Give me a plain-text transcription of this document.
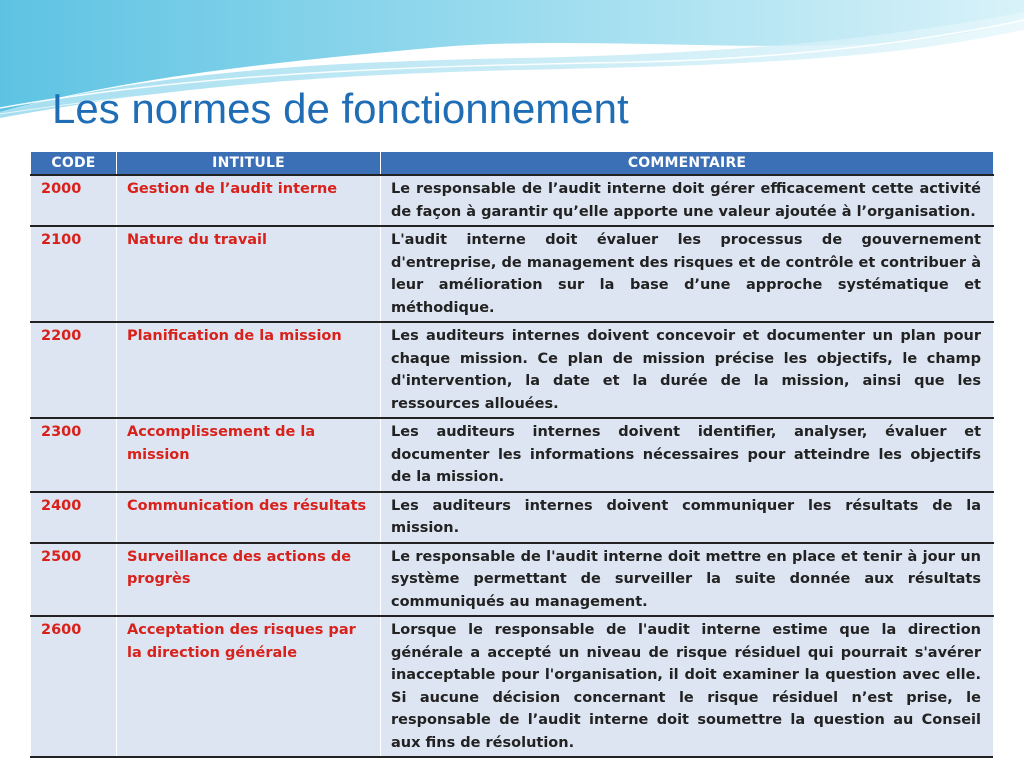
Les normes de fonctionnement
CODE	INTITULE	COMMENTAIRE
2000	Gestion de l’audit interne	Le responsable de l’audit interne doit gérer efficacement cette activité de façon à garantir qu’elle apporte une valeur ajoutée à l’organisation.
2100	Nature du travail	L'audit interne doit évaluer les processus de gouvernement d'entreprise, de management des risques et de contrôle et contribuer à leur amélioration sur la base d’une approche systématique et méthodique.
2200	Planification de la mission	Les auditeurs internes doivent concevoir et documenter un plan pour chaque mission. Ce plan de mission précise les objectifs, le champ d'intervention, la date et la durée de la mission, ainsi que les ressources allouées.
2300	Accomplissement de la mission	Les auditeurs internes doivent identifier, analyser, évaluer et documenter les informations nécessaires pour atteindre les objectifs de la mission.
2400	Communication des résultats	Les auditeurs internes doivent communiquer les résultats de la mission.
2500	Surveillance des actions de progrès	Le responsable de l'audit interne doit mettre en place et tenir à jour un système permettant de surveiller la suite donnée aux résultats communiqués au management.
2600	Acceptation des risques par la direction générale	Lorsque le responsable de l'audit interne estime que la direction générale a accepté un niveau de risque résiduel qui pourrait s'avérer inacceptable pour l'organisation, il doit examiner la question avec elle. Si aucune décision concernant le risque résiduel n’est prise, le responsable de l’audit interne doit soumettre la question au Conseil aux fins de résolution.
